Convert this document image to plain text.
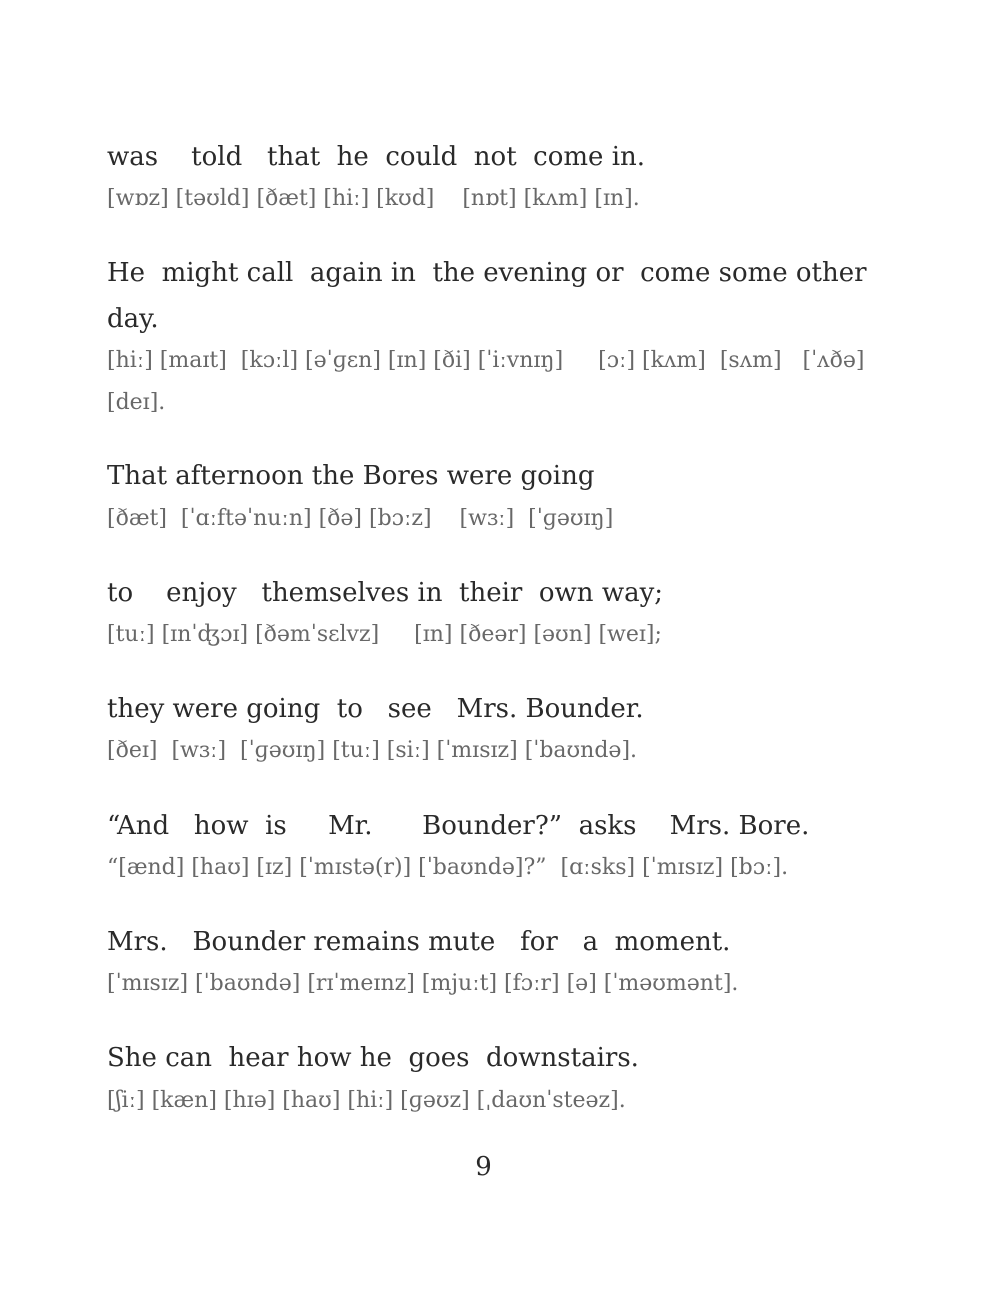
was    told   that  he  could  not  come in.

[wɒz] [təʊld] [ðæt] [hiː] [kʊd]    [nɒt] [kʌm] [ɪn].

He  might call  again in  the evening or  come some other

day.

[hiː] [maɪt]  [kɔːl] [əˈɡɛn] [ɪn] [ði] [ˈiːvnɪŋ]     [ɔː] [kʌm]  [sʌm]   [ˈʌðə]

[deɪ].

That afternoon the Bores were going

[ðæt]  [ˈɑːftəˈnuːn] [ðə] [bɔːz]    [wɜː]  [ˈɡəʊɪŋ]

to    enjoy   themselves in  their  own way;

[tuː] [ɪnˈʤɔɪ] [ðəmˈsɛlvz]     [ɪn] [ðeər] [əʊn] [weɪ];

they were going  to   see   Mrs. Bounder.

[ðeɪ]  [wɜː]  [ˈɡəʊɪŋ] [tuː] [siː] [ˈmɪsɪz] [ˈbaʊndə].

“And   how  is     Mr.      Bounder?”  asks    Mrs. Bore.

“[ænd] [haʊ] [ɪz] [ˈmɪstə(r)] [ˈbaʊndə]?”  [ɑːsks] [ˈmɪsɪz] [bɔː].

Mrs.   Bounder remains mute   for   a  moment.

[ˈmɪsɪz] [ˈbaʊndə] [rɪˈmeɪnz] [mjuːt] [fɔːr] [ə] [ˈməʊmənt].

She can  hear how he  goes  downstairs.

[ʃiː] [kæn] [hɪə] [haʊ] [hiː] [ɡəʊz] [ˌdaʊnˈsteəz].

9
